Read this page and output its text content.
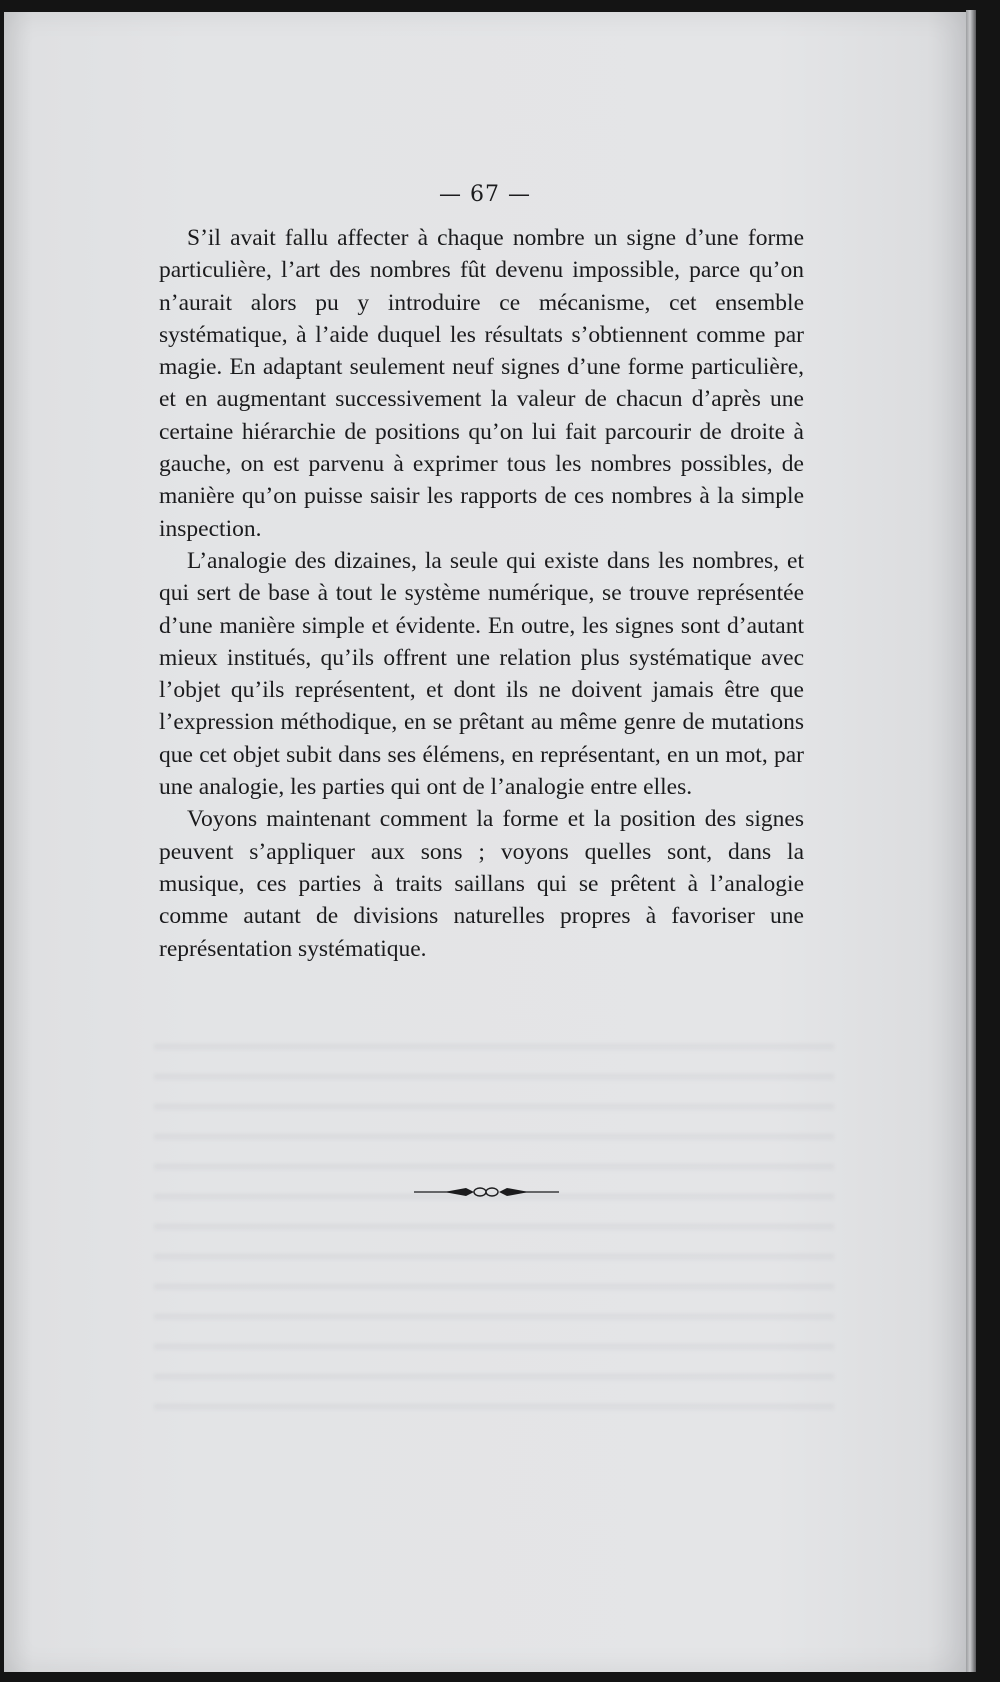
— 67 —

S’il avait fallu affecter à chaque nombre un signe d’une forme particulière, l’art des nombres fût devenu impossible, parce qu’on n’aurait alors pu y introduire ce mécanisme, cet ensemble systématique, à l’aide duquel les résultats s’obtiennent comme par magie. En adaptant seulement neuf signes d’une forme particulière, et en augmentant successivement la valeur de chacun d’après une certaine hiérarchie de positions qu’on lui fait parcourir de droite à gauche, on est parvenu à exprimer tous les nombres possibles, de manière qu’on puisse saisir les rapports de ces nombres à la simple inspection.

L’analogie des dizaines, la seule qui existe dans les nombres, et qui sert de base à tout le système numérique, se trouve représentée d’une manière simple et évidente. En outre, les signes sont d’autant mieux institués, qu’ils offrent une relation plus systématique avec l’objet qu’ils représentent, et dont ils ne doivent jamais être que l’expression méthodique, en se prêtant au même genre de mutations que cet objet subit dans ses élémens, en représentant, en un mot, par une analogie, les parties qui ont de l’analogie entre elles.

Voyons maintenant comment la forme et la position des signes peuvent s’appliquer aux sons ; voyons quelles sont, dans la musique, ces parties à traits saillans qui se prêtent à l’analogie comme autant de divisions naturelles propres à favoriser une représentation systématique.
